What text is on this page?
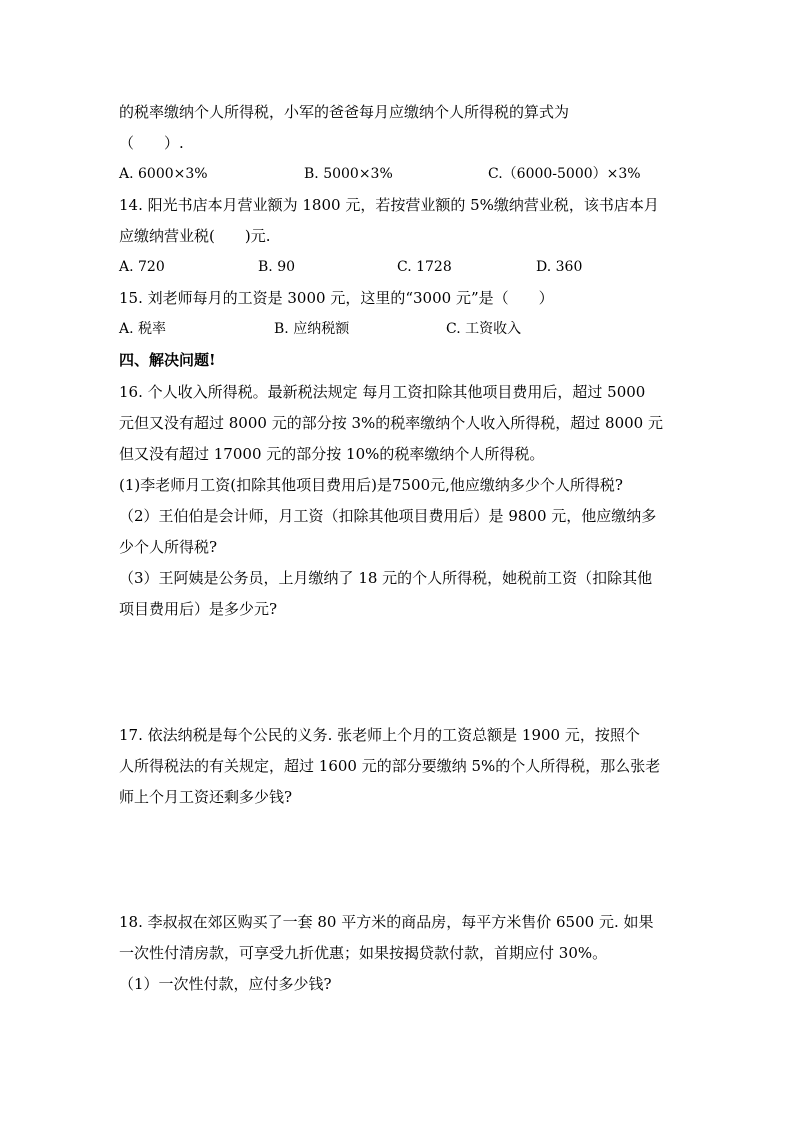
的税率缴纳个人所得税，小军的爸爸每月应缴纳个人所得税的算式为
（　　）.
A. 6000×3%	B. 5000×3%	C.（6000-5000）×3%
14. 阳光书店本月营业额为 1800 元，若按营业额的 5%缴纳营业税，该书店本月
应缴纳营业税(　　)元.
A. 720	B. 90	C. 1728	D. 360
15. 刘老师每月的工资是 3000 元，这里的“3000 元”是（　　）
A. 税率	B. 应纳税额	C. 工资收入
四、解决问题!
16. 个人收入所得税。最新税法规定 每月工资扣除其他项目费用后，超过 5000
元但又没有超过 8000 元的部分按 3%的税率缴纳个人收入所得税，超过 8000 元
但又没有超过 17000 元的部分按 10%的税率缴纳个人所得税。
(1)李老师月工资(扣除其他项目费用后)是7500元,他应缴纳多少个人所得税?
（2）王伯伯是会计师，月工资（扣除其他项目费用后）是 9800 元，他应缴纳多
少个人所得税?
（3）王阿姨是公务员，上月缴纳了 18 元的个人所得税，她税前工资（扣除其他
项目费用后）是多少元?
17. 依法纳税是每个公民的义务. 张老师上个月的工资总额是 1900 元，按照个
人所得税法的有关规定，超过 1600 元的部分要缴纳 5%的个人所得税，那么张老
师上个月工资还剩多少钱?
18. 李叔叔在郊区购买了一套 80 平方米的商品房，每平方米售价 6500 元. 如果
一次性付清房款，可享受九折优惠；如果按揭贷款付款，首期应付 30%。
（1）一次性付款，应付多少钱?
